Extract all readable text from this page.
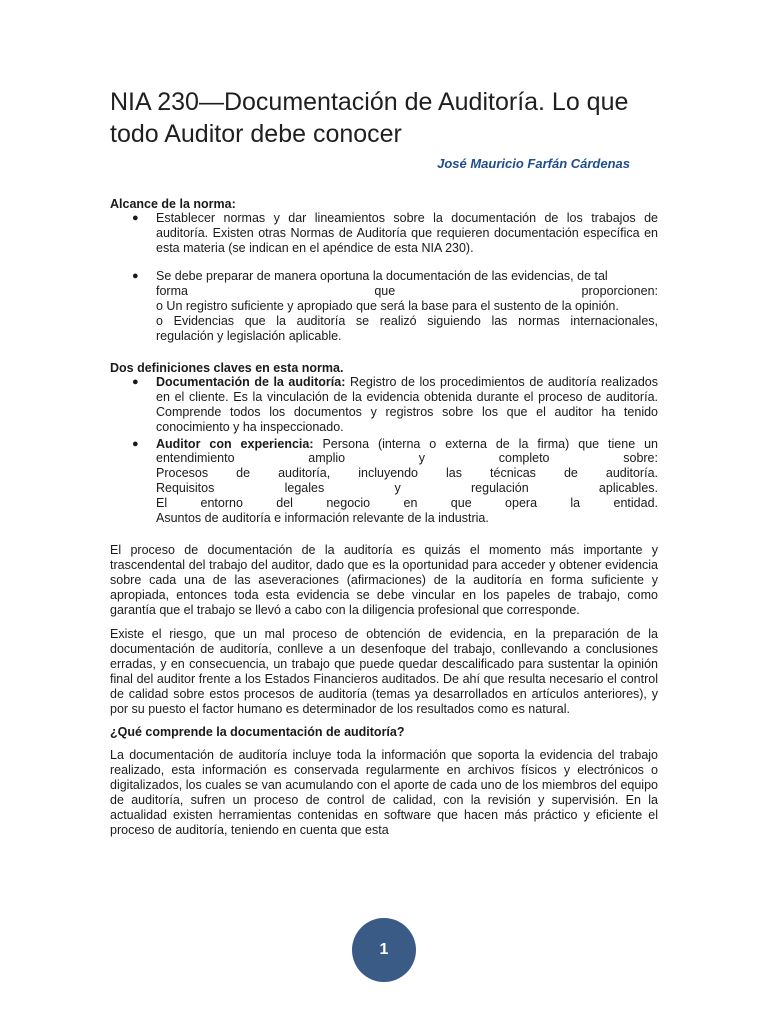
NIA 230—Documentación de Auditoría. Lo que todo Auditor debe conocer
José Mauricio Farfán Cárdenas
Alcance de la norma:
● Establecer normas y dar lineamientos sobre la documentación de los trabajos de auditoría. Existen otras Normas de Auditoría que requieren documentación específica en esta materia (se indican en el apéndice de esta NIA 230).
● Se debe preparar de manera oportuna la documentación de las evidencias, de tal
forma que proporcionen:
o Un registro suficiente y apropiado que será la base para el sustento de la opinión.
o Evidencias que la auditoría se realizó siguiendo las normas internacionales,
regulación y legislación aplicable.
Dos definiciones claves en esta norma.
● Documentación de la auditoría: Registro de los procedimientos de auditoría realizados en el cliente. Es la vinculación de la evidencia obtenida durante el proceso de auditoría. Comprende todos los documentos y registros sobre los que el auditor ha tenido conocimiento y ha inspeccionado.
● Auditor con experiencia: Persona (interna o externa de la firma) que tiene un
entendimiento amplio y completo sobre:
Procesos de auditoría, incluyendo las técnicas de auditoría.
Requisitos legales y regulación aplicables.
El entorno del negocio en que opera la entidad.
Asuntos de auditoría e información relevante de la industria.

El proceso de documentación de la auditoría es quizás el momento más importante y trascendental del trabajo del auditor, dado que es la oportunidad para acceder y obtener evidencia sobre cada una de las aseveraciones (afirmaciones) de la auditoría en forma suficiente y apropiada, entonces toda esta evidencia se debe vincular en los papeles de trabajo, como garantía que el trabajo se llevó a cabo con la diligencia profesional que corresponde.

Existe el riesgo, que un mal proceso de obtención de evidencia, en la preparación de la documentación de auditoría, conlleve a un desenfoque del trabajo, conllevando a conclusiones erradas, y en consecuencia, un trabajo que puede quedar descalificado para sustentar la opinión final del auditor frente a los Estados Financieros auditados. De ahí que resulta necesario el control de calidad sobre estos procesos de auditoría (temas ya desarrollados en artículos anteriores), y por su puesto el factor humano es determinador de los resultados como es natural.

¿Qué comprende la documentación de auditoría?

La documentación de auditoría incluye toda la información que soporta la evidencia del trabajo realizado, esta información es conservada regularmente en archivos físicos y electrónicos o digitalizados, los cuales se van acumulando con el aporte de cada uno de los miembros del equipo de auditoría, sufren un proceso de control de calidad, con la revisión y supervisión. En la actualidad existen herramientas contenidas en software que hacen más práctico y eficiente el proceso de auditoría, teniendo en cuenta que esta

1
